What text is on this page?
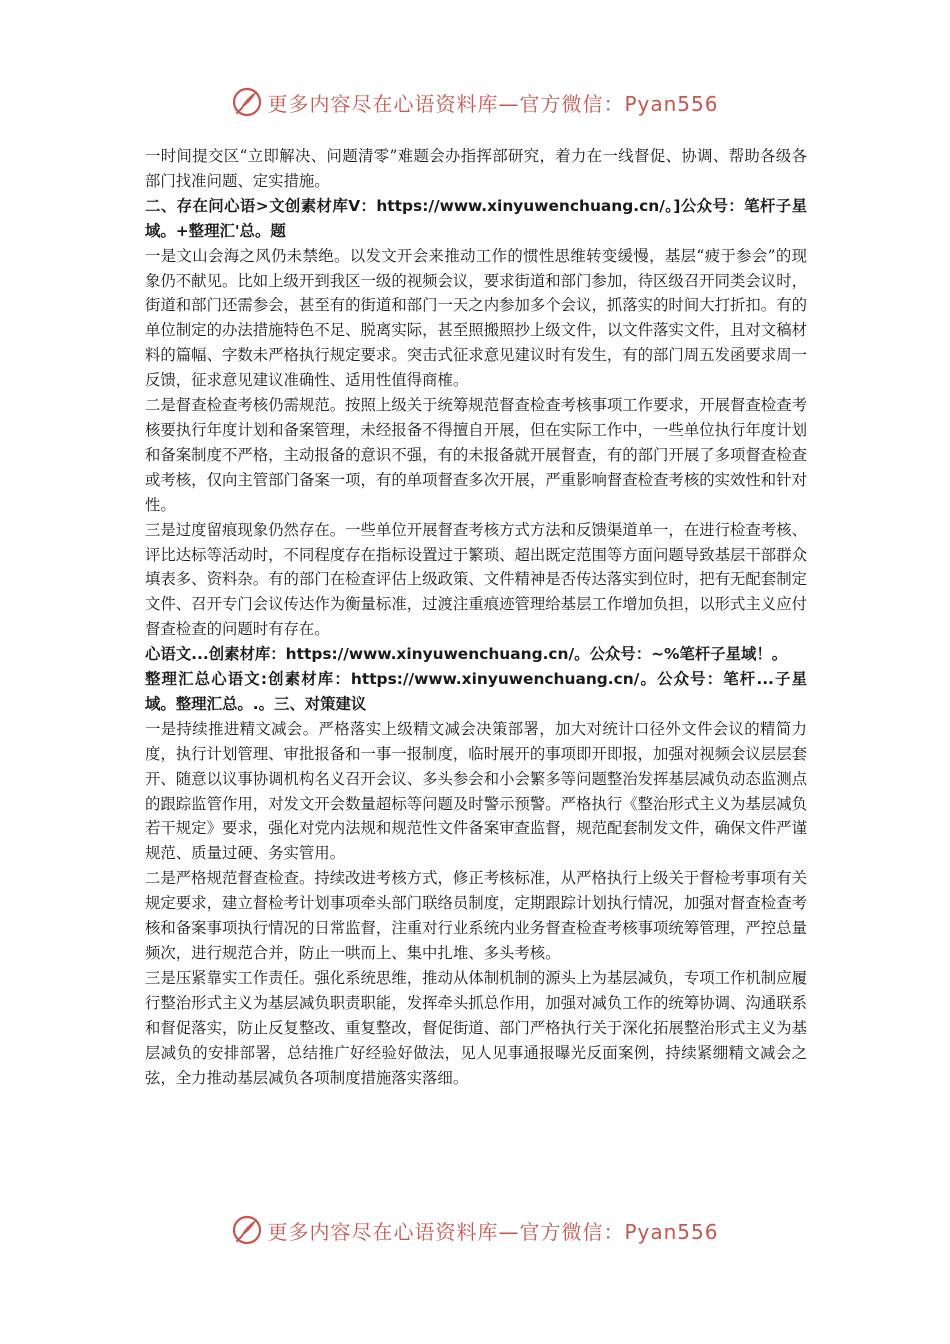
更多内容尽在心语资料库—官方微信：Pyan556

一时间提交区“立即解决、问题清零”难题会办指挥部研究，着力在一线督促、协调、帮助各级各部门找准问题、定实措施。

二、存在问心语>文创素材库V：https://www.xinyuwenchuang.cn/。]公众号：笔杆子星域。+整理汇'总。题

一是文山会海之风仍未禁绝。以发文开会来推动工作的惯性思维转变缓慢，基层“疲于参会”的现象仍不献见。比如上级开到我区一级的视频会议，要求街道和部门参加，待区级召开同类会议时，街道和部门还需参会，甚至有的街道和部门一天之内参加多个会议，抓落实的时间大打折扣。有的单位制定的办法措施特色不足、脱离实际，甚至照搬照抄上级文件，以文件落实文件，且对文稿材料的篇幅、字数未严格执行规定要求。突击式征求意见建议时有发生，有的部门周五发函要求周一反馈，征求意见建议准确性、适用性值得商榷。

二是督查检查考核仍需规范。按照上级关于统筹规范督查检查考核事项工作要求，开展督查检查考核要执行年度计划和备案管理，未经报备不得擅自开展，但在实际工作中，一些单位执行年度计划和备案制度不严格，主动报备的意识不强，有的未报备就开展督查，有的部门开展了多项督查检查或考核，仅向主管部门备案一项，有的单项督查多次开展，严重影响督查检查考核的实效性和针对性。

三是过度留痕现象仍然存在。一些单位开展督查考核方式方法和反馈渠道单一，在进行检查考核、评比达标等活动时，不同程度存在指标设置过于繁琐、超出既定范围等方面问题导致基层干部群众填表多、资料杂。有的部门在检查评估上级政策、文件精神是否传达落实到位时，把有无配套制定文件、召开专门会议传达作为衡量标准，过渡注重痕迹管理给基层工作增加负担，以形式主义应付督查检查的问题时有存在。

心语文...创素材库：https://www.xinyuwenchuang.cn/。公众号：~%笔杆子星域！。

整理汇总心语文:创素材库：https://www.xinyuwenchuang.cn/。公众号：笔杆...子星域。整理汇总。.。三、对策建议

一是持续推进精文减会。严格落实上级精文减会决策部署，加大对统计口径外文件会议的精简力度，执行计划管理、审批报备和一事一报制度，临时展开的事项即开即报，加强对视频会议层层套开、随意以议事协调机构名义召开会议、多头参会和小会繁多等问题整治发挥基层减负动态监测点的跟踪监管作用，对发文开会数量超标等问题及时警示预警。严格执行《整治形式主义为基层减负若干规定》要求，强化对党内法规和规范性文件备案审查监督，规范配套制发文件，确保文件严谨规范、质量过硬、务实管用。

二是严格规范督查检查。持续改进考核方式，修正考核标准，从严格执行上级关于督检考事项有关规定要求，建立督检考计划事项牵头部门联络员制度，定期跟踪计划执行情况，加强对督查检查考核和备案事项执行情况的日常监督，注重对行业系统内业务督查检查考核事项统筹管理，严控总量频次，进行规范合并，防止一哄而上、集中扎堆、多头考核。

三是压紧靠实工作责任。强化系统思维，推动从体制机制的源头上为基层减负，专项工作机制应履行整治形式主义为基层减负职责职能，发挥牵头抓总作用，加强对减负工作的统筹协调、沟通联系和督促落实，防止反复整改、重复整改，督促街道、部门严格执行关于深化拓展整治形式主义为基层减负的安排部署，总结推广好经验好做法，见人见事通报曝光反面案例，持续紧绷精文减会之弦，全力推动基层减负各项制度措施落实落细。

更多内容尽在心语资料库—官方微信：Pyan556
